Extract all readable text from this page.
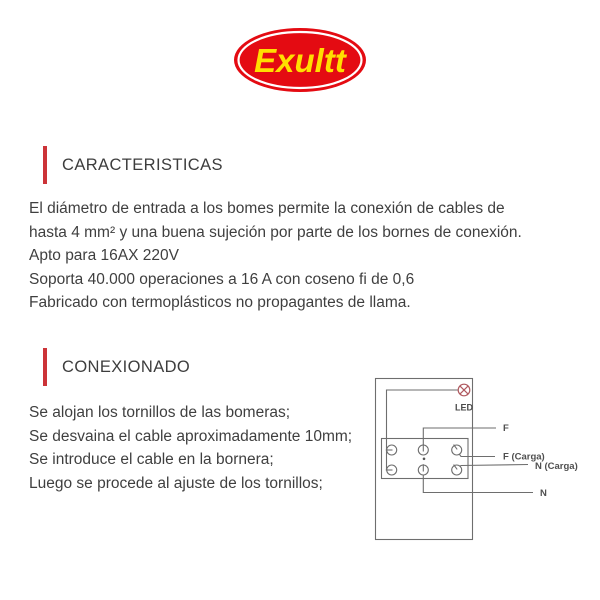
Exultt
CARACTERISTICAS
El diámetro de entrada a los bomes permite la conexión de cables de
hasta 4 mm² y una buena sujeción por parte de los bornes de conexión.
Apto para 16AX 220V
Soporta 40.000 operaciones a 16 A con coseno fi de 0,6
Fabricado con termoplásticos no propagantes de llama.
CONEXIONADO
Se alojan los tornillos de las bomeras;
Se desvaina el cable aproximadamente 10mm;
Se introduce el cable en la bornera;
Luego se procede al ajuste de los tornillos;
LED
F
F (Carga)
N (Carga)
N
